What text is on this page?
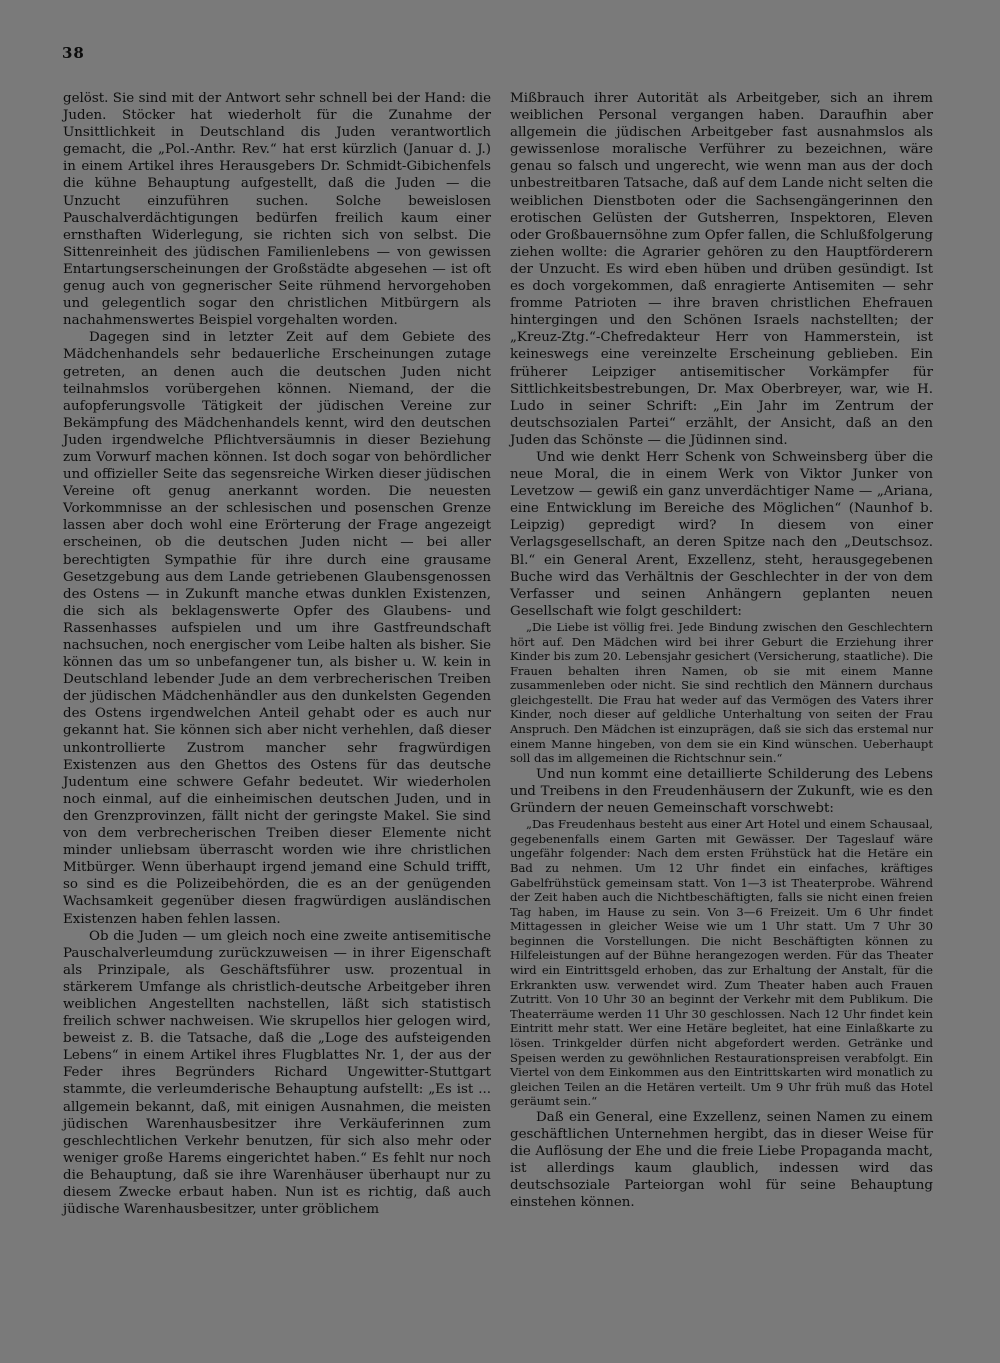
38

gelöst. Sie sind mit der Antwort sehr schnell bei der Hand: die Juden. Stöcker hat wiederholt für die Zunahme der Unsittlichkeit in Deutschland dis Juden verantwortlich gemacht, die „Pol.-Anthr. Rev.“ hat erst kürzlich (Januar d. J.) in einem Artikel ihres Herausgebers Dr. Schmidt-Gibichenfels die kühne Behauptung aufgestellt, daß die Juden — die Unzucht einzuführen suchen. Solche beweislosen Pauschalverdächtigungen bedürfen freilich kaum einer ernsthaften Widerlegung, sie richten sich von selbst. Die Sittenreinheit des jüdischen Familienlebens — von gewissen Entartungserscheinungen der Großstädte abgesehen — ist oft genug auch von gegnerischer Seite rühmend hervorgehoben und gelegentlich sogar den christlichen Mitbürgern als nachahmenswertes Beispiel vorgehalten worden.

Dagegen sind in letzter Zeit auf dem Gebiete des Mädchenhandels sehr bedauerliche Erscheinungen zutage getreten, an denen auch die deutschen Juden nicht teilnahmslos vorübergehen können. Niemand, der die aufopferungsvolle Tätigkeit der jüdischen Vereine zur Bekämpfung des Mädchenhandels kennt, wird den deutschen Juden irgendwelche Pflichtversäumnis in dieser Beziehung zum Vorwurf machen können. Ist doch sogar von behördlicher und offizieller Seite das segensreiche Wirken dieser jüdischen Vereine oft genug anerkannt worden. Die neuesten Vorkommnisse an der schlesischen und posenschen Grenze lassen aber doch wohl eine Erörterung der Frage angezeigt erscheinen, ob die deutschen Juden nicht — bei aller berechtigten Sympathie für ihre durch eine grausame Gesetzgebung aus dem Lande getriebenen Glaubensgenossen des Ostens — in Zukunft manche etwas dunklen Existenzen, die sich als beklagenswerte Opfer des Glaubens- und Rassenhasses aufspielen und um ihre Gastfreundschaft nachsuchen, noch energischer vom Leibe halten als bisher. Sie können das um so unbefangener tun, als bisher u. W. kein in Deutschland lebender Jude an dem verbrecherischen Treiben der jüdischen Mädchenhändler aus den dunkelsten Gegenden des Ostens irgendwelchen Anteil gehabt oder es auch nur gekannt hat. Sie können sich aber nicht verhehlen, daß dieser unkontrollierte Zustrom mancher sehr fragwürdigen Existenzen aus den Ghettos des Ostens für das deutsche Judentum eine schwere Gefahr bedeutet. Wir wiederholen noch einmal, auf die einheimischen deutschen Juden, und in den Grenzprovinzen, fällt nicht der geringste Makel. Sie sind von dem verbrecherischen Treiben dieser Elemente nicht minder unliebsam überrascht worden wie ihre christlichen Mitbürger. Wenn überhaupt irgend jemand eine Schuld trifft, so sind es die Polizeibehörden, die es an der genügenden Wachsamkeit gegenüber diesen fragwürdigen ausländischen Existenzen haben fehlen lassen.

Ob die Juden — um gleich noch eine zweite antisemitische Pauschalverleumdung zurückzuweisen — in ihrer Eigenschaft als Prinzipale, als Geschäftsführer usw. prozentual in stärkerem Umfange als christlich-deutsche Arbeitgeber ihren weiblichen Angestellten nachstellen, läßt sich statistisch freilich schwer nachweisen. Wie skrupellos hier gelogen wird, beweist z. B. die Tatsache, daß die „Loge des aufsteigenden Lebens“ in einem Artikel ihres Flugblattes Nr. 1, der aus der Feder ihres Begründers Richard Ungewitter-Stuttgart stammte, die verleumderische Behauptung aufstellt: „Es ist ... allgemein bekannt, daß, mit einigen Ausnahmen, die meisten jüdischen Warenhausbesitzer ihre Verkäuferinnen zum geschlechtlichen Verkehr benutzen, für sich also mehr oder weniger große Harems eingerichtet haben.“ Es fehlt nur noch die Behauptung, daß sie ihre Warenhäuser überhaupt nur zu diesem Zwecke erbaut haben. Nun ist es richtig, daß auch jüdische Warenhausbesitzer, unter gröblichem

Mißbrauch ihrer Autorität als Arbeitgeber, sich an ihrem weiblichen Personal vergangen haben. Daraufhin aber allgemein die jüdischen Arbeitgeber fast ausnahmslos als gewissenlose moralische Verführer zu bezeichnen, wäre genau so falsch und ungerecht, wie wenn man aus der doch unbestreitbaren Tatsache, daß auf dem Lande nicht selten die weiblichen Dienstboten oder die Sachsengängerinnen den erotischen Gelüsten der Gutsherren, Inspektoren, Eleven oder Großbauernsöhne zum Opfer fallen, die Schlußfolgerung ziehen wollte: die Agrarier gehören zu den Hauptförderern der Unzucht. Es wird eben hüben und drüben gesündigt. Ist es doch vorgekommen, daß enragierte Antisemiten — sehr fromme Patrioten — ihre braven christlichen Ehefrauen hintergingen und den Schönen Israels nachstellten; der „Kreuz-Ztg.“-Chefredakteur Herr von Hammerstein, ist keineswegs eine vereinzelte Erscheinung geblieben. Ein früherer Leipziger antisemitischer Vorkämpfer für Sittlichkeitsbestrebungen, Dr. Max Oberbreyer, war, wie H. Ludo in seiner Schrift: „Ein Jahr im Zentrum der deutschsozialen Partei“ erzählt, der Ansicht, daß an den Juden das Schönste — die Jüdinnen sind.

Und wie denkt Herr Schenk von Schweinsberg über die neue Moral, die in einem Werk von Viktor Junker von Levetzow — gewiß ein ganz unverdächtiger Name — „Ariana, eine Entwicklung im Bereiche des Möglichen“ (Naunhof b. Leipzig) gepredigt wird? In diesem von einer Verlagsgesellschaft, an deren Spitze nach den „Deutschsoz. Bl.“ ein General Arent, Exzellenz, steht, herausgegebenen Buche wird das Verhältnis der Geschlechter in der von dem Verfasser und seinen Anhängern geplanten neuen Gesellschaft wie folgt geschildert:

„Die Liebe ist völlig frei. Jede Bindung zwischen den Geschlechtern hört auf. Den Mädchen wird bei ihrer Geburt die Erziehung ihrer Kinder bis zum 20. Lebensjahr gesichert (Versicherung, staatliche). Die Frauen behalten ihren Namen, ob sie mit einem Manne zusammenleben oder nicht. Sie sind rechtlich den Männern durchaus gleichgestellt. Die Frau hat weder auf das Vermögen des Vaters ihrer Kinder, noch dieser auf geldliche Unterhaltung von seiten der Frau Anspruch. Den Mädchen ist einzuprägen, daß sie sich das erstemal nur einem Manne hingeben, von dem sie ein Kind wünschen. Ueberhaupt soll das im allgemeinen die Richtschnur sein.“

Und nun kommt eine detaillierte Schilderung des Lebens und Treibens in den Freudenhäusern der Zukunft, wie es den Gründern der neuen Gemeinschaft vorschwebt:

„Das Freudenhaus besteht aus einer Art Hotel und einem Schausaal, gegebenenfalls einem Garten mit Gewässer. Der Tageslauf wäre ungefähr folgender: Nach dem ersten Frühstück hat die Hetäre ein Bad zu nehmen. Um 12 Uhr findet ein einfaches, kräftiges Gabelfrühstück gemeinsam statt. Von 1—3 ist Theaterprobe. Während der Zeit haben auch die Nichtbeschäftigten, falls sie nicht einen freien Tag haben, im Hause zu sein. Von 3—6 Freizeit. Um 6 Uhr findet Mittagessen in gleicher Weise wie um 1 Uhr statt. Um 7 Uhr 30 beginnen die Vorstellungen. Die nicht Beschäftigten können zu Hilfeleistungen auf der Bühne herangezogen werden. Für das Theater wird ein Eintrittsgeld erhoben, das zur Erhaltung der Anstalt, für die Erkrankten usw. verwendet wird. Zum Theater haben auch Frauen Zutritt. Von 10 Uhr 30 an beginnt der Verkehr mit dem Publikum. Die Theaterräume werden 11 Uhr 30 geschlossen. Nach 12 Uhr findet kein Eintritt mehr statt. Wer eine Hetäre begleitet, hat eine Einlaßkarte zu lösen. Trinkgelder dürfen nicht abgefordert werden. Getränke und Speisen werden zu gewöhnlichen Restaurationspreisen verabfolgt. Ein Viertel von dem Einkommen aus den Eintrittskarten wird monatlich zu gleichen Teilen an die Hetären verteilt. Um 9 Uhr früh muß das Hotel geräumt sein.“

Daß ein General, eine Exzellenz, seinen Namen zu einem geschäftlichen Unternehmen hergibt, das in dieser Weise für die Auflösung der Ehe und die freie Liebe Propaganda macht, ist allerdings kaum glaublich, indessen wird das deutschsoziale Parteiorgan wohl für seine Behauptung einstehen können.
